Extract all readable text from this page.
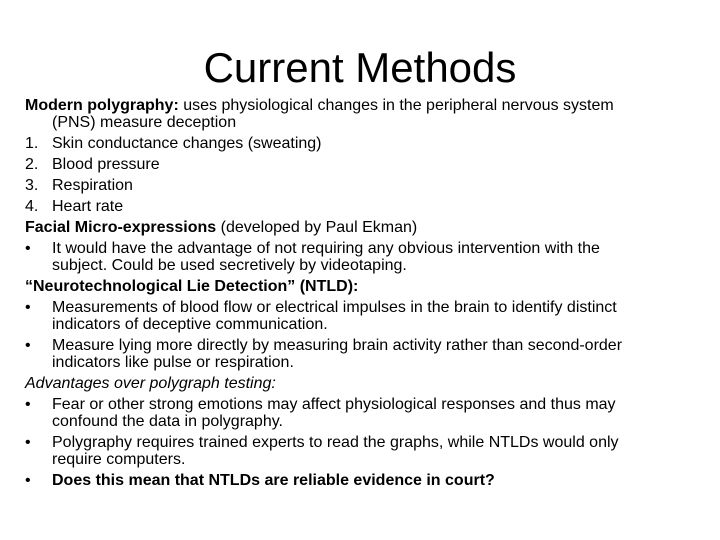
Current Methods
Modern polygraphy: uses physiological changes in the peripheral nervous system
(PNS) measure deception
1. Skin conductance changes (sweating)
2. Blood pressure
3. Respiration
4. Heart rate
Facial Micro-expressions (developed by Paul Ekman)
• It would have the advantage of not requiring any obvious intervention with the
subject. Could be used secretively by videotaping.
“Neurotechnological Lie Detection” (NTLD):
• Measurements of blood flow or electrical impulses in the brain to identify distinct
indicators of deceptive communication.
• Measure lying more directly by measuring brain activity rather than second-order
indicators like pulse or respiration.
Advantages over polygraph testing:
• Fear or other strong emotions may affect physiological responses and thus may
confound the data in polygraphy.
• Polygraphy requires trained experts to read the graphs, while NTLDs would only
require computers.
• Does this mean that NTLDs are reliable evidence in court?
